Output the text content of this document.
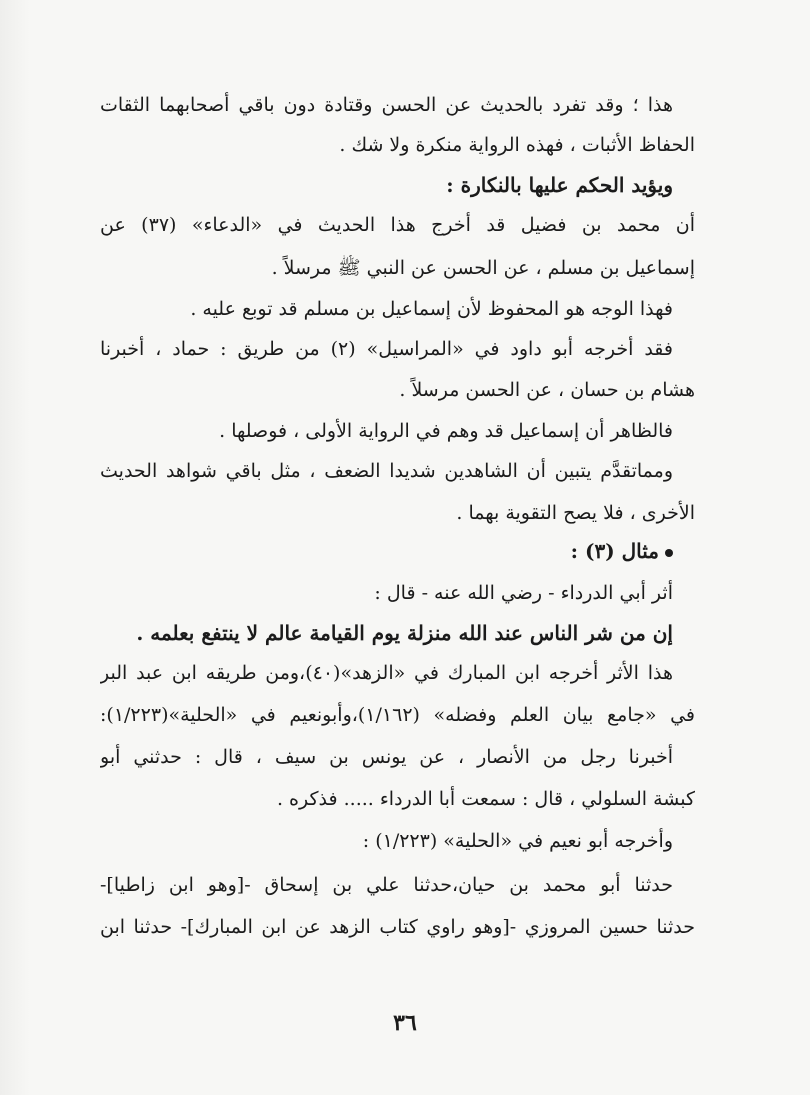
هذا ؛ وقد تفرد بالحديث عن الحسن وقتادة دون باقي أصحابهما الثقات
الحفاظ الأثبات ، فهذه الرواية منكرة ولا شك .
ويؤيد الحكم عليها بالنكارة :
أن محمد بن فضيل قد أخرج هذا الحديث في «الدعاء» (٣٧) عن
إسماعيل بن مسلم ، عن الحسن عن النبي ﷺ مرسلاً .
فهذا الوجه هو المحفوظ لأن إسماعيل بن مسلم قد توبع عليه .
فقد أخرجه أبو داود في «المراسيل» (٢) من طريق : حماد ، أخبرنا
هشام بن حسان ، عن الحسن مرسلاً .
فالظاهر أن إسماعيل قد وهم في الرواية الأولى ، فوصلها .
ومماتقدَّم يتبين أن الشاهدين شديدا الضعف ، مثل باقي شواهد الحديث
الأخرى ، فلا يصح التقوية بهما .
مثال (٣) :
أثر أبي الدرداء - رضي الله عنه - قال :
إن من شر الناس عند الله منزلة يوم القيامة عالم لا ينتفع بعلمه .
هذا الأثر أخرجه ابن المبارك في «الزهد»(٤٠)،ومن طريقه ابن عبد البر
في «جامع بيان العلم وفضله» (١/١٦٢)،وأبونعيم في «الحلية»(١/٢٢٣):
أخبرنا رجل من الأنصار ، عن يونس بن سيف ، قال : حدثني أبو
كبشة السلولي ، قال : سمعت أبا الدرداء ..... فذكره .
وأخرجه أبو نعيم في «الحلية» (١/٢٢٣) :
حدثنا أبو محمد بن حيان،حدثنا علي بن إسحاق -[وهو ابن زاطيا]-
حدثنا حسين المروزي -[وهو راوي كتاب الزهد عن ابن المبارك]- حدثنا ابن
٣٦
